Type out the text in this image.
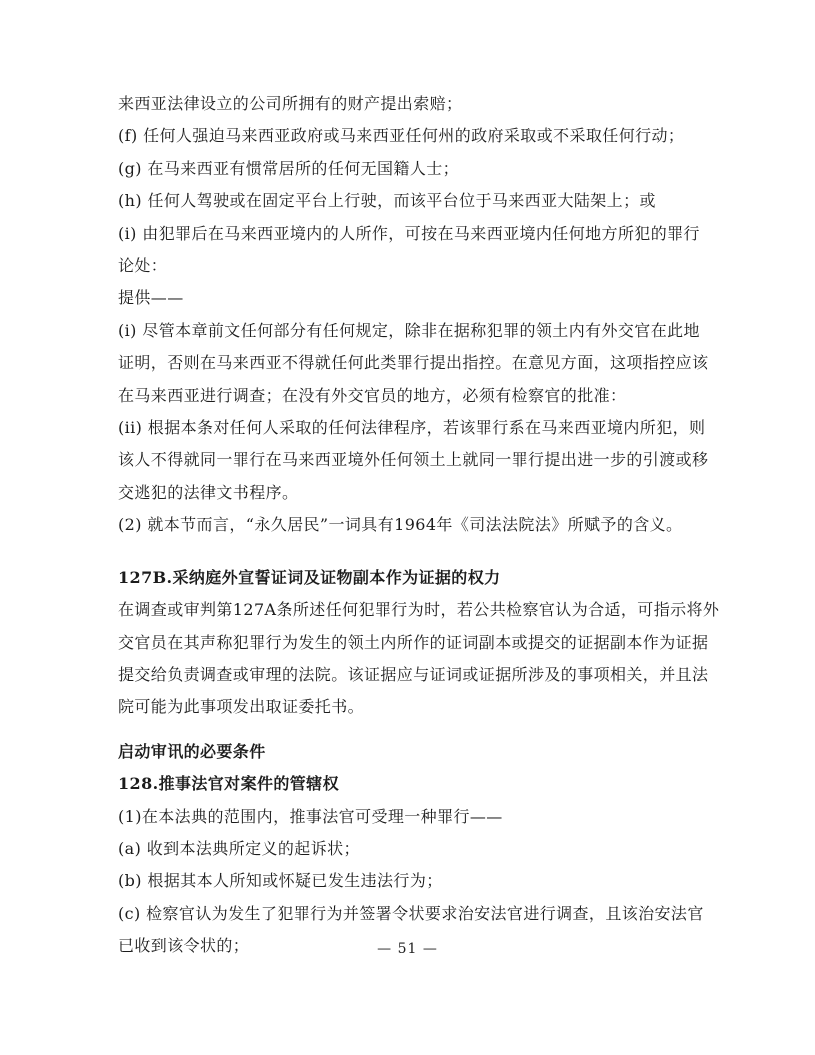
来西亚法律设立的公司所拥有的财产提出索赔；
(f) 任何人强迫马来西亚政府或马来西亚任何州的政府采取或不采取任何行动；
(g) 在马来西亚有惯常居所的任何无国籍人士；
(h) 任何人驾驶或在固定平台上行驶，而该平台位于马来西亚大陆架上；或
(i) 由犯罪后在马来西亚境内的人所作，可按在马来西亚境内任何地方所犯的罪行
论处：
提供——
(i) 尽管本章前文任何部分有任何规定，除非在据称犯罪的领土内有外交官在此地
证明，否则在马来西亚不得就任何此类罪行提出指控。在意见方面，这项指控应该
在马来西亚进行调查；在没有外交官员的地方，必须有检察官的批准：
(ii) 根据本条对任何人采取的任何法律程序，若该罪行系在马来西亚境内所犯，则
该人不得就同一罪行在马来西亚境外任何领土上就同一罪行提出进一步的引渡或移
交逃犯的法律文书程序。
(2) 就本节而言，“永久居民”一词具有1964年《司法法院法》所赋予的含义。
127B.采纳庭外宣誓证词及证物副本作为证据的权力
在调查或审判第127A条所述任何犯罪行为时，若公共检察官认为合适，可指示将外
交官员在其声称犯罪行为发生的领土内所作的证词副本或提交的证据副本作为证据
提交给负责调查或审理的法院。该证据应与证词或证据所涉及的事项相关，并且法
院可能为此事项发出取证委托书。
启动审讯的必要条件
128.推事法官对案件的管辖权
(1)在本法典的范围内，推事法官可受理一种罪行——
(a) 收到本法典所定义的起诉状；
(b) 根据其本人所知或怀疑已发生违法行为；
(c) 检察官认为发生了犯罪行为并签署令状要求治安法官进行调查，且该治安法官
已收到该令状的；	— 51 —
